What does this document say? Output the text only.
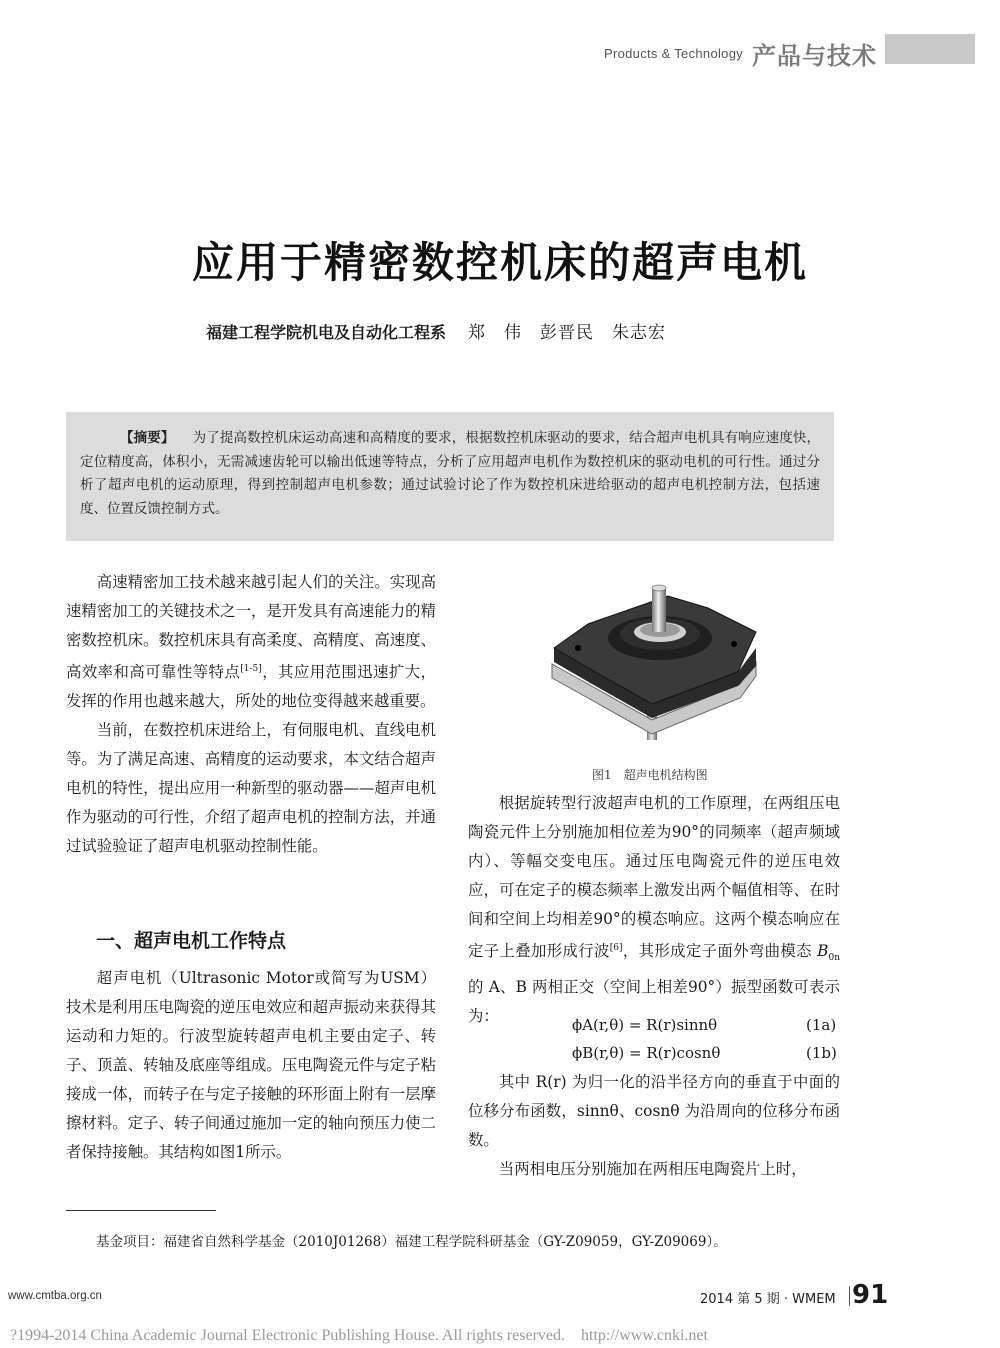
Products & Technology 产品与技术
应用于精密数控机床的超声电机
福建工程学院机电及自动化工程系 郑　伟　彭晋民　朱志宏
【摘要】 为了提高数控机床运动高速和高精度的要求，根据数控机床驱动的要求，结合超声电机具有响应速度快，定位精度高，体积小，无需减速齿轮可以输出低速等特点，分析了应用超声电机作为数控机床的驱动电机的可行性。通过分析了超声电机的运动原理，得到控制超声电机参数；通过试验讨论了作为数控机床进给驱动的超声电机控制方法，包括速度、位置反馈控制方式。

高速精密加工技术越来越引起人们的关注。实现高速精密加工的关键技术之一，是开发具有高速能力的精密数控机床。数控机床具有高柔度、高精度、高速度、高效率和高可靠性等特点[1-5]，其应用范围迅速扩大，发挥的作用也越来越大，所处的地位变得越来越重要。

当前，在数控机床进给上，有伺服电机、直线电机等。为了满足高速、高精度的运动要求，本文结合超声电机的特性，提出应用一种新型的驱动器——超声电机作为驱动的可行性，介绍了超声电机的控制方法，并通过试验验证了超声电机驱动控制性能。

一、超声电机工作特点

超声电机（Ultrasonic Motor或简写为USM）技术是利用压电陶瓷的逆压电效应和超声振动来获得其运动和力矩的。行波型旋转超声电机主要由定子、转子、顶盖、转轴及底座等组成。压电陶瓷元件与定子粘接成一体，而转子在与定子接触的环形面上附有一层摩擦材料。定子、转子间通过施加一定的轴向预压力使二者保持接触。其结构如图1所示。

图1　超声电机结构图

根据旋转型行波超声电机的工作原理，在两组压电陶瓷元件上分别施加相位差为90°的同频率（超声频域内）、等幅交变电压。通过压电陶瓷元件的逆压电效应，可在定子的模态频率上激发出两个幅值相等、在时间和空间上均相差90°的模态响应。这两个模态响应在定子上叠加形成行波[6]，其形成定子面外弯曲模态 $B_{0n}$ 的 A、B 两相正交（空间上相差90°）振型函数可表示为：	ϕA(r,θ) = R(r)sinnθ	(1a)
ϕB(r,θ) = R(r)cosnθ	(1b)

其中 R(r) 为归一化的沿半径方向的垂直于中面的位移分布函数，sinnθ、cosnθ 为沿周向的位移分布函数。

当两相电压分别施加在两相压电陶瓷片上时，

基金项目：福建省自然科学基金（2010J01268）福建工程学院科研基金（GY-Z09059，GY-Z09069）。
www.cmtba.org.cn	2014 第 5 期 · WMEM 91
?1994-2014 China Academic Journal Electronic Publishing House. All rights reserved.　http://www.cnki.net
